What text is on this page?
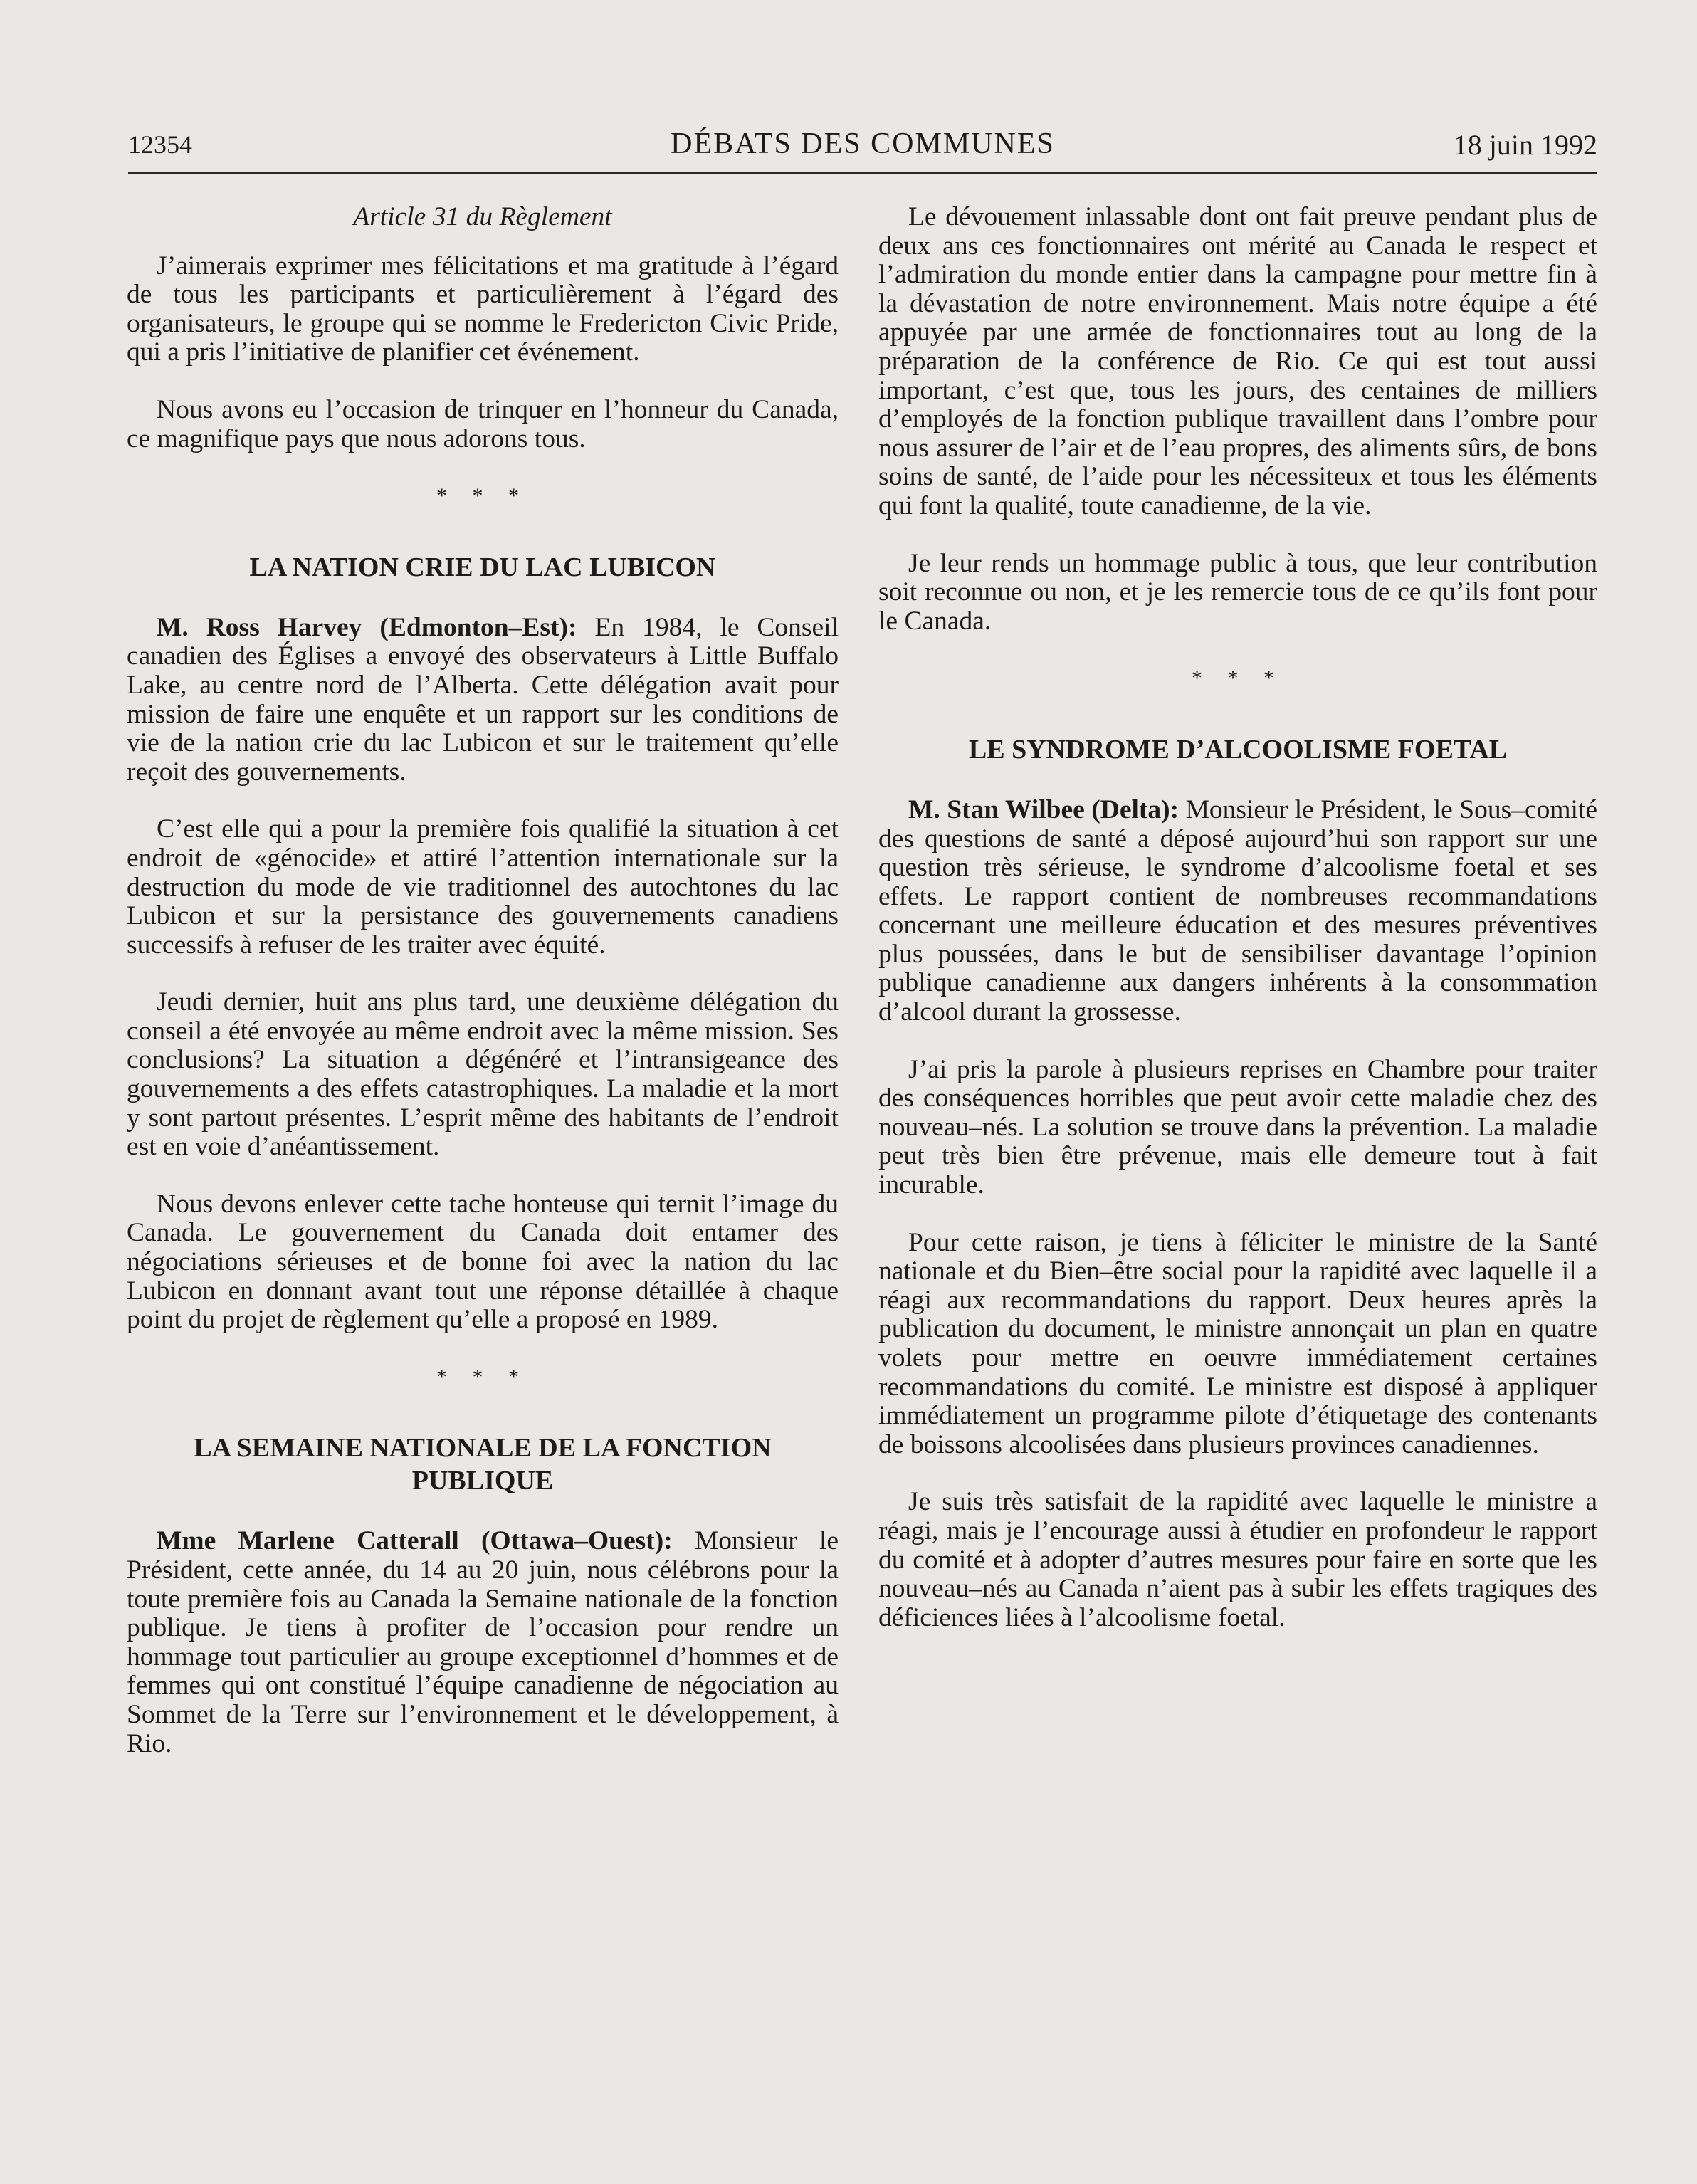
12354	DÉBATS DES COMMUNES	18 juin 1992

Article 31 du Règlement

J’aimerais exprimer mes félicitations et ma gratitude à l’égard de tous les participants et particulièrement à l’égard des organisateurs, le groupe qui se nomme le Fredericton Civic Pride, qui a pris l’initiative de planifier cet événement.

Nous avons eu l’occasion de trinquer en l’honneur du Canada, ce magnifique pays que nous adorons tous.

* * *
LA NATION CRIE DU LAC LUBICON

M. Ross Harvey (Edmonton–Est): En 1984, le Conseil canadien des Églises a envoyé des observateurs à Little Buffalo Lake, au centre nord de l’Alberta. Cette délégation avait pour mission de faire une enquête et un rapport sur les conditions de vie de la nation crie du lac Lubicon et sur le traitement qu’elle reçoit des gouvernements.

C’est elle qui a pour la première fois qualifié la situation à cet endroit de «génocide» et attiré l’attention internationale sur la destruction du mode de vie traditionnel des autochtones du lac Lubicon et sur la persistance des gouvernements canadiens successifs à refuser de les traiter avec équité.

Jeudi dernier, huit ans plus tard, une deuxième délégation du conseil a été envoyée au même endroit avec la même mission. Ses conclusions? La situation a dégénéré et l’intransigeance des gouvernements a des effets catastrophiques. La maladie et la mort y sont partout présentes. L’esprit même des habitants de l’endroit est en voie d’anéantissement.

Nous devons enlever cette tache honteuse qui ternit l’image du Canada. Le gouvernement du Canada doit entamer des négociations sérieuses et de bonne foi avec la nation du lac Lubicon en donnant avant tout une réponse détaillée à chaque point du projet de règlement qu’elle a proposé en 1989.

* * *
LA SEMAINE NATIONALE DE LA FONCTION PUBLIQUE

Mme Marlene Catterall (Ottawa–Ouest): Monsieur le Président, cette année, du 14 au 20 juin, nous célébrons pour la toute première fois au Canada la Semaine nationale de la fonction publique. Je tiens à profiter de l’occasion pour rendre un hommage tout particulier au groupe exceptionnel d’hommes et de femmes qui ont constitué l’équipe canadienne de négociation au Sommet de la Terre sur l’environnement et le développement, à Rio.

Le dévouement inlassable dont ont fait preuve pendant plus de deux ans ces fonctionnaires ont mérité au Canada le respect et l’admiration du monde entier dans la campagne pour mettre fin à la dévastation de notre environnement. Mais notre équipe a été appuyée par une armée de fonctionnaires tout au long de la préparation de la conférence de Rio. Ce qui est tout aussi important, c’est que, tous les jours, des centaines de milliers d’employés de la fonction publique travaillent dans l’ombre pour nous assurer de l’air et de l’eau propres, des aliments sûrs, de bons soins de santé, de l’aide pour les nécessiteux et tous les éléments qui font la qualité, toute canadienne, de la vie.

Je leur rends un hommage public à tous, que leur contribution soit reconnue ou non, et je les remercie tous de ce qu’ils font pour le Canada.

* * *
LE SYNDROME D’ALCOOLISME FOETAL

M. Stan Wilbee (Delta): Monsieur le Président, le Sous–comité des questions de santé a déposé aujourd’hui son rapport sur une question très sérieuse, le syndrome d’alcoolisme foetal et ses effets. Le rapport contient de nombreuses recommandations concernant une meilleure éducation et des mesures préventives plus poussées, dans le but de sensibiliser davantage l’opinion publique canadienne aux dangers inhérents à la consommation d’alcool durant la grossesse.

J’ai pris la parole à plusieurs reprises en Chambre pour traiter des conséquences horribles que peut avoir cette maladie chez des nouveau–nés. La solution se trouve dans la prévention. La maladie peut très bien être prévenue, mais elle demeure tout à fait incurable.

Pour cette raison, je tiens à féliciter le ministre de la Santé nationale et du Bien–être social pour la rapidité avec laquelle il a réagi aux recommandations du rapport. Deux heures après la publication du document, le ministre annonçait un plan en quatre volets pour mettre en oeuvre immédiatement certaines recommandations du comité. Le ministre est disposé à appliquer immédiatement un programme pilote d’étiquetage des contenants de boissons alcoolisées dans plusieurs provinces canadiennes.

Je suis très satisfait de la rapidité avec laquelle le ministre a réagi, mais je l’encourage aussi à étudier en profondeur le rapport du comité et à adopter d’autres mesures pour faire en sorte que les nouveau–nés au Canada n’aient pas à subir les effets tragiques des déficiences liées à l’alcoolisme foetal.
